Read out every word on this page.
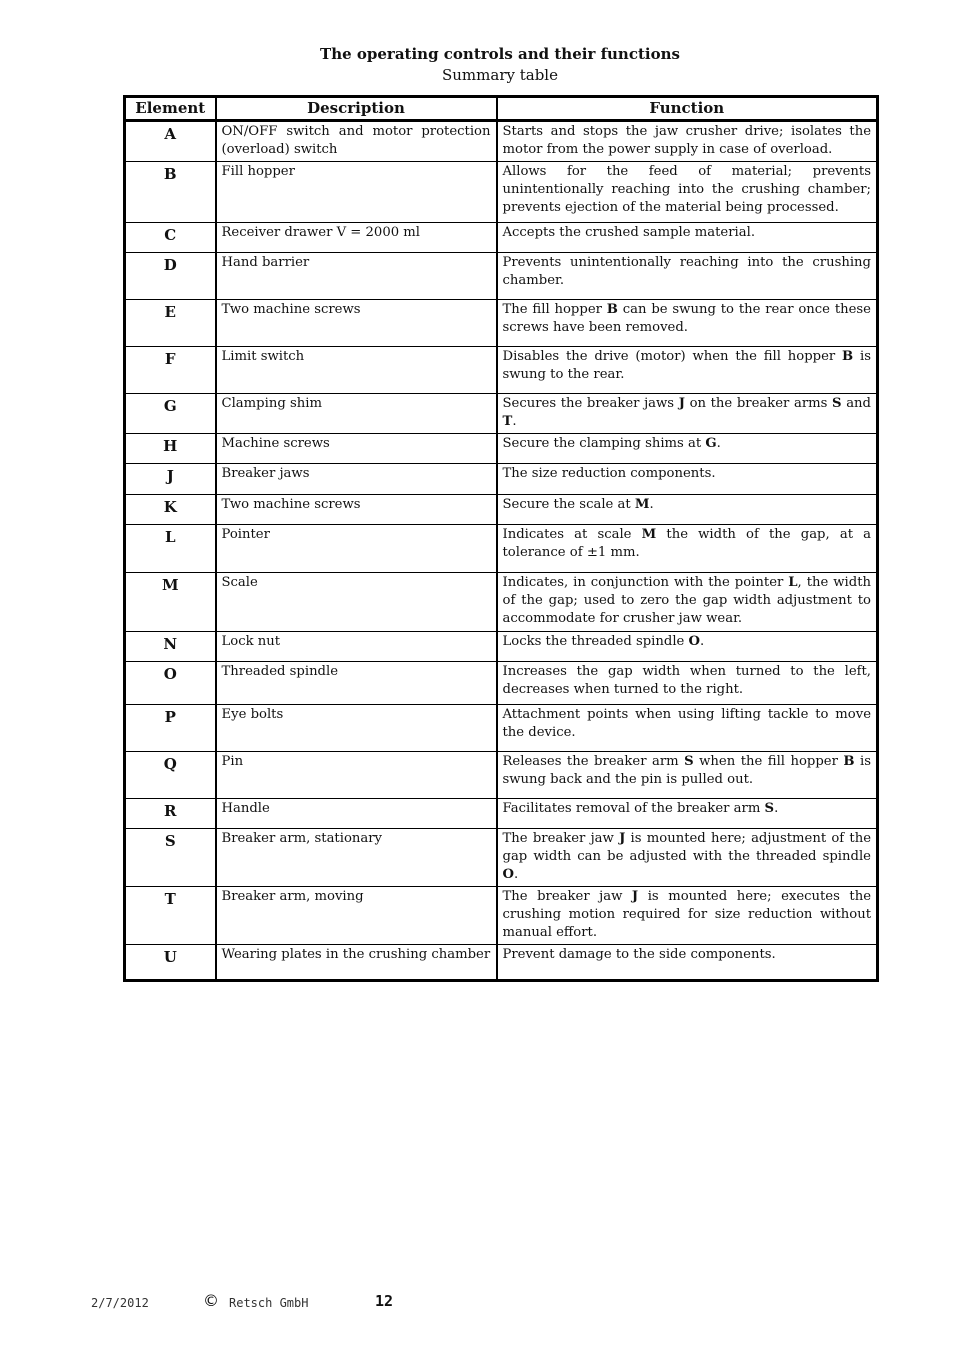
The operating controls and their functions
Summary table
Element	Description	Function
A	ON/OFF switch and motor protection (overload) switch	Starts and stops the jaw crusher drive; isolates the motor from the power supply in case of overload.
B	Fill hopper	Allows for the feed of material; prevents unintentionally reaching into the crushing chamber; prevents ejection of the material being processed.
C	Receiver drawer V = 2000 ml	Accepts the crushed sample material.
D	Hand barrier	Prevents unintentionally reaching into the crushing chamber.
E	Two machine screws	The fill hopper B can be swung to the rear once these screws have been removed.
F	Limit switch	Disables the drive (motor) when the fill hopper B is swung to the rear.
G	Clamping shim	Secures the breaker jaws J on the breaker arms S and T.
H	Machine screws	Secure the clamping shims at G.
J	Breaker jaws	The size reduction components.
K	Two machine screws	Secure the scale at M.
L	Pointer	Indicates at scale M the width of the gap, at a tolerance of ±1 mm.
M	Scale	Indicates, in conjunction with the pointer L, the width of the gap; used to zero the gap width adjustment to accommodate for crusher jaw wear.
N	Lock nut	Locks the threaded spindle O.
O	Threaded spindle	Increases the gap width when turned to the left, decreases when turned to the right.
P	Eye bolts	Attachment points when using lifting tackle to move the device.
Q	Pin	Releases the breaker arm S when the fill hopper B is swung back and the pin is pulled out.
R	Handle	Facilitates removal of the breaker arm S.
S	Breaker arm, stationary	The breaker jaw J is mounted here; adjustment of the gap width can be adjusted with the threaded spindle O.
T	Breaker arm, moving	The breaker jaw J is mounted here; executes the crushing motion required for size reduction without manual effort.
U	Wearing plates in the crushing chamber	Prevent damage to the side components.
2/7/2012	© Retsch GmbH	12
